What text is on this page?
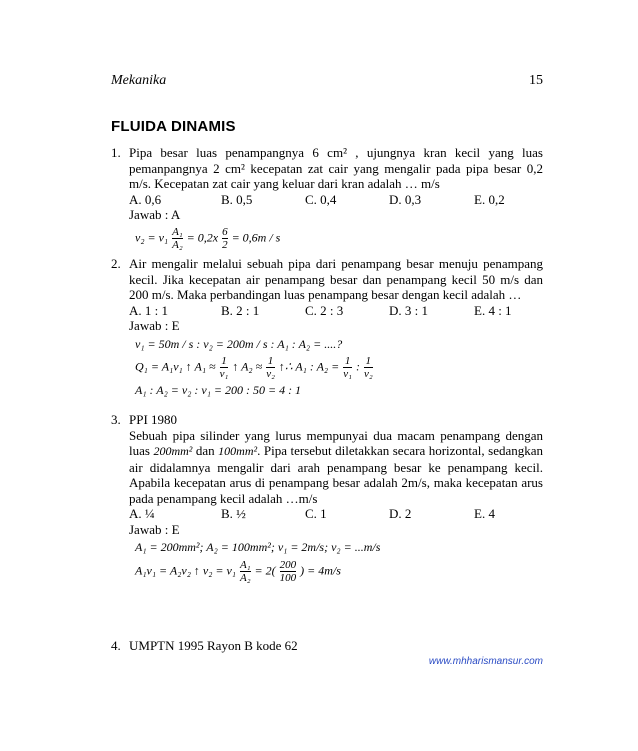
Mekanika	15
FLUIDA DINAMIS
1. Pipa besar luas penampangnya 6 cm² , ujungnya kran kecil yang luas pemanpangnya 2 cm² kecepatan zat cair yang mengalir pada pipa besar 0,2 m/s. Kecepatan zat cair yang keluar dari kran adalah … m/s
A. 0,6	B. 0,5	C. 0,4	D. 0,3	E. 0,2
Jawab : A
$v_2 = v_1 \frac{\text{A₁}}{\text{A₂}} = 0,2x \frac{6}{2} = 0,6m / s$
2. Air mengalir melalui sebuah pipa dari penampang besar menuju penampang kecil. Jika kecepatan air penampang besar dan penampang kecil 50 m/s dan 200 m/s. Maka perbandingan luas penampang besar dengan kecil adalah …
A. 1 : 1	B. 2 : 1	C. 2 : 3	D. 3 : 1	E. 4 : 1
Jawab : E
v₁ = 50m / s : v₂ = 200m / s : A₁ : A₂ = ....?
Q₁ = A₁v₁ ↑ $A_1 \approx \frac{1}{\text{v₁}}$ ↑ $A_2 \approx \frac{1}{\text{v₂}}$ ↑∴ A₁ : $A_2 = \frac{1}{\text{v₁}}$ : $\frac{1}{\text{v₂}}$
A₁ : A₂ = v₂ : v₁ = 200 : 50 = 4 : 1
3. PPI 1980
Sebuah pipa silinder yang lurus mempunyai dua macam penampang dengan luas 200mm² dan 100mm². Pipa tersebut diletakkan secara horizontal, sedangkan air didalamnya mengalir dari arah penampang besar ke penampang kecil. Apabila kecepatan arus di penampang besar adalah 2m/s, maka kecepatan arus pada penampang kecil adalah …m/s
A. ¼	B. ½	C. 1	D. 2	E. 4
Jawab : E
A₁ = 200mm²; A₂ = 100mm²; v₁ = 2m/s; v₂ = ...m/s
A₁v₁ = A₂v₂ ↑ $v_2 = v_1 \frac{\text{A₁}}{\text{A₂}} = 2( \frac{200}{100}$ ) = 4m/s
4. UMPTN 1995 Rayon B kode 62
www.mhharismansur.com
